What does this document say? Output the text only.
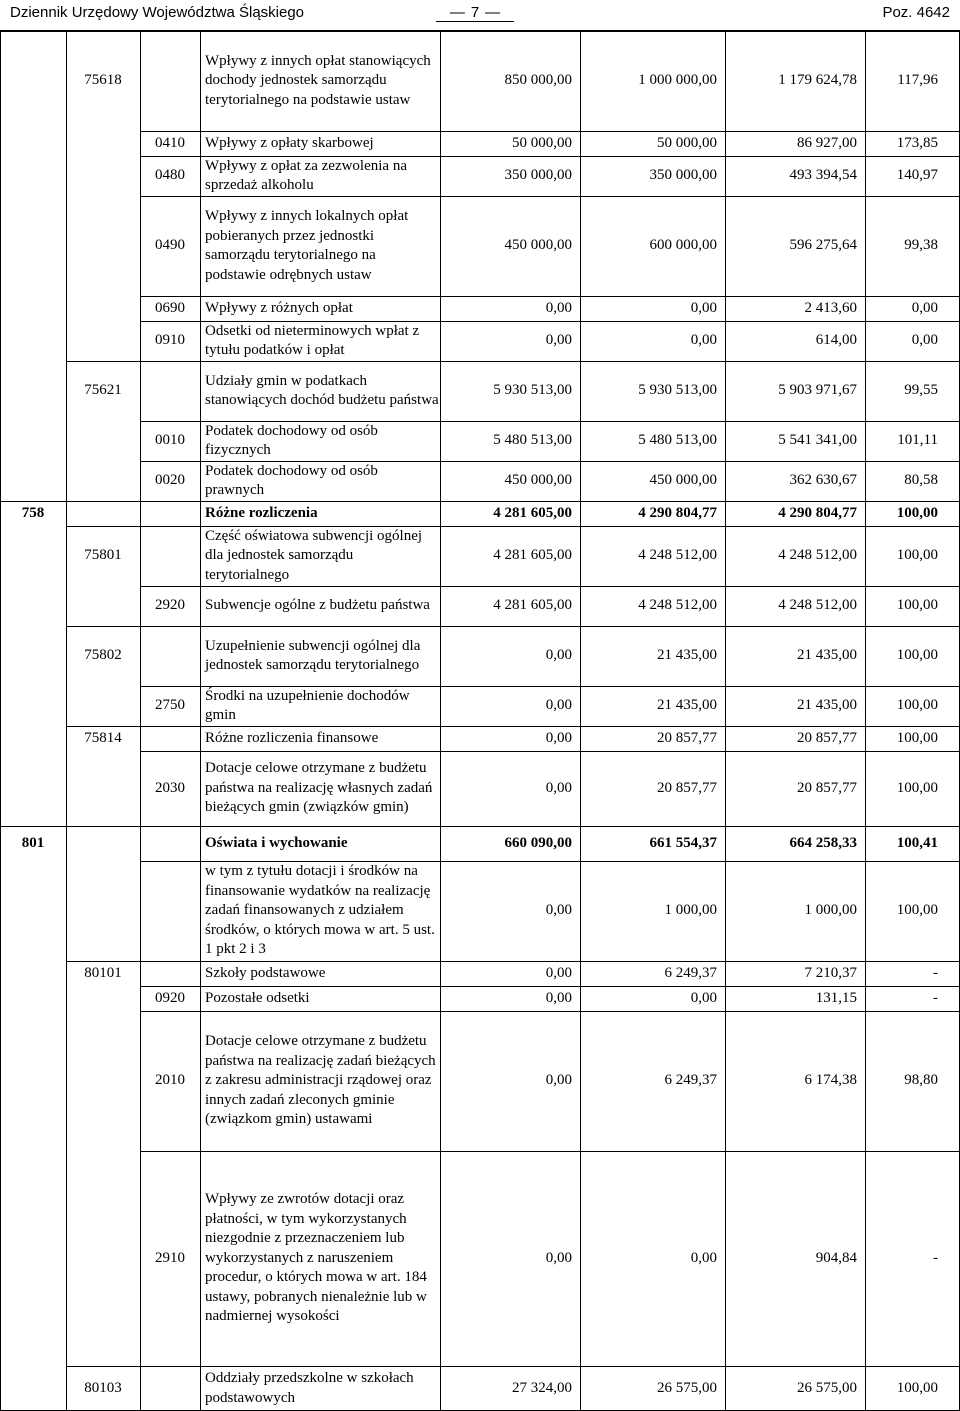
Dziennik Urzędowy Województwa Śląskiego
—	7 —	Poz. 4642
75618
Wpływy z innych opłat stanowiących dochody jednostek samorządu terytorialnego na podstawie ustaw
850 000,00	1 000 000,00	1 179 624,78	117,96
0410 Wpływy z opłaty skarbowej	50 000,00	50 000,00	86 927,00	173,85
0480
Wpływy z opłat za zezwolenia na sprzedaż alkoholu
350 000,00	350 000,00	493 394,54	140,97
0490
Wpływy z innych lokalnych opłat pobieranych przez jednostki samorządu terytorialnego na podstawie odrębnych ustaw
450 000,00	600 000,00	596 275,64	99,38
0690 Wpływy z różnych opłat	0,00	0,00	2 413,60	0,00
0910
Odsetki od nieterminowych wpłat z tytułu podatków i opłat
0,00	0,00	614,00	0,00
75621
Udziały gmin w podatkach stanowiących dochód budżetu państwa
5 930 513,00	5 930 513,00	5 903 971,67	99,55
0010
Podatek dochodowy od osób fizycznych
5 480 513,00	5 480 513,00	5 541 341,00	101,11
0020
Podatek dochodowy od osób prawnych
450 000,00	450 000,00	362 630,67	80,58
758	Różne rozliczenia	4 281 605,00	4 290 804,77	4 290 804,77	100,00
75801
Część oświatowa subwencji ogólnej dla jednostek samorządu terytorialnego
4 281 605,00	4 248 512,00	4 248 512,00	100,00
2920 Subwencje ogólne z budżetu państwa	4 281 605,00	4 248 512,00	4 248 512,00	100,00
75802
Uzupełnienie subwencji ogólnej dla jednostek samorządu terytorialnego
0,00	21 435,00	21 435,00	100,00
2750
Środki na uzupełnienie dochodów gmin
0,00	21 435,00	21 435,00	100,00
75814	Różne rozliczenia finansowe	0,00	20 857,77	20 857,77	100,00
2030
Dotacje celowe otrzymane z budżetu państwa na realizację własnych zadań bieżących gmin (związków gmin)
0,00	20 857,77	20 857,77	100,00
801	Oświata i wychowanie	660 090,00	661 554,37	664 258,33	100,41
w tym z tytułu dotacji i środków na finansowanie wydatków na realizację zadań finansowanych z udziałem środków, o których mowa w art. 5 ust. 1 pkt 2 i 3
0,00	1 000,00	1 000,00	100,00
80101	Szkoły podstawowe	0,00	6 249,37	7 210,37	-
0920 Pozostałe odsetki	0,00	0,00	131,15	-
2010
Dotacje celowe otrzymane z budżetu państwa na realizację zadań bieżących z zakresu administracji rządowej oraz innych zadań zleconych gminie (związkom gmin) ustawami
0,00	6 249,37	6 174,38	98,80
2910
Wpływy ze zwrotów dotacji oraz płatności, w tym wykorzystanych niezgodnie z przeznaczeniem lub wykorzystanych z naruszeniem procedur, o których mowa w art. 184 ustawy, pobranych nienależnie lub w nadmiernej wysokości
0,00	0,00	904,84	-
80103
Oddziały przedszkolne w szkołach podstawowych
27 324,00	26 575,00	26 575,00	100,00
